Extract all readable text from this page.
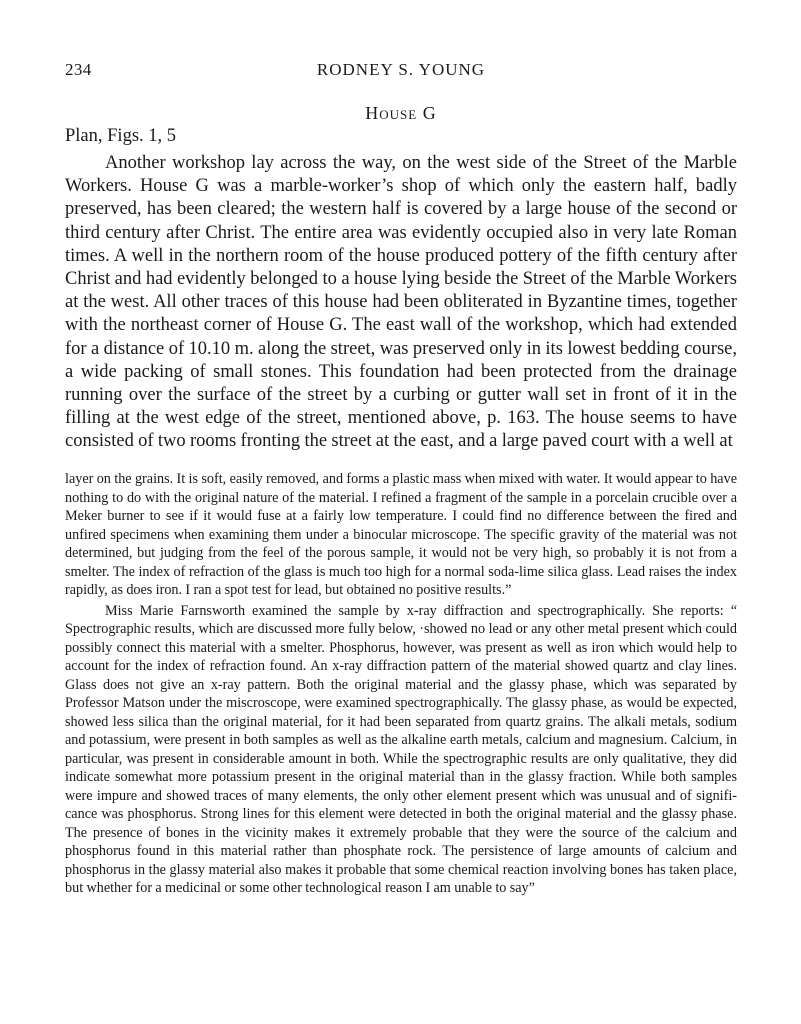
234	RODNEY S. YOUNG
House G

Plan, Figs. 1, 5

Another workshop lay across the way, on the west side of the Street of the Marble Workers. House G was a marble-worker’s shop of which only the eastern half, badly preserved, has been cleared; the western half is covered by a large house of the second or third century after Christ. The entire area was evidently occupied also in very late Roman times. A well in the northern room of the house produced pottery of the fifth century after Christ and had evidently belonged to a house lying beside the Street of the Marble Workers at the west. All other traces of this house had been obliterated in Byzantine times, together with the northeast corner of House G. The east wall of the workshop, which had extended for a distance of 10.10 m. along the street, was preserved only in its lowest bedding course, a wide packing of small stones. This foundation had been protected from the drainage running over the surface of the street by a curbing or gutter wall set in front of it in the filling at the west edge of the street, mentioned above, p. 163. The house seems to have consisted of two rooms fronting the street at the east, and a large paved court with a well at

layer on the grains. It is soft, easily removed, and forms a plastic mass when mixed with water. It would appear to have nothing to do with the original nature of the material. I refined a fragment of the sample in a porcelain crucible over a Meker burner to see if it would fuse at a fairly low temperature. I could find no difference between the fired and unfired specimens when examining them under a binocular microscope. The specific gravity of the material was not determined, but judging from the feel of the porous sample, it would not be very high, so probably it is not from a smelter. The index of refraction of the glass is much too high for a normal soda-lime silica glass. Lead raises the index rapidly, as does iron. I ran a spot test for lead, but obtained no positive results.”

Miss Marie Farnsworth examined the sample by x-ray diffraction and spectrographically. She reports: “ Spectrographic results, which are discussed more fully below, ·showed no lead or any other metal present which could possibly connect this material with a smelter. Phosphorus, however, was present as well as iron which would help to account for the index of refraction found. An x-ray diffraction pattern of the material showed quartz and clay lines. Glass does not give an x-ray pattern. Both the original material and the glassy phase, which was separated by Professor Matson under the miscroscope, were examined spectrographically. The glassy phase, as would be expected, showed less silica than the original material, for it had been separated from quartz grains. The alkali metals, sodium and potassium, were present in both samples as well as the alkaline earth metals, calcium and magnesium. Calcium, in particular, was present in considerable amount in both. While the spectrographic results are only qualitative, they did indicate somewhat more potassium present in the original material than in the glassy fraction. While both samples were impure and showed traces of many elements, the only other element present which was unusual and of signifi-cance was phosphorus. Strong lines for this element were detected in both the original material and the glassy phase. The presence of bones in the vicinity makes it extremely probable that they were the source of the calcium and phosphorus found in this material rather than phosphate rock. The persistence of large amounts of calcium and phosphorus in the glassy material also makes it probable that some chemical reaction involving bones has taken place, but whether for a medicinal or some other technological reason I am unable to say”
